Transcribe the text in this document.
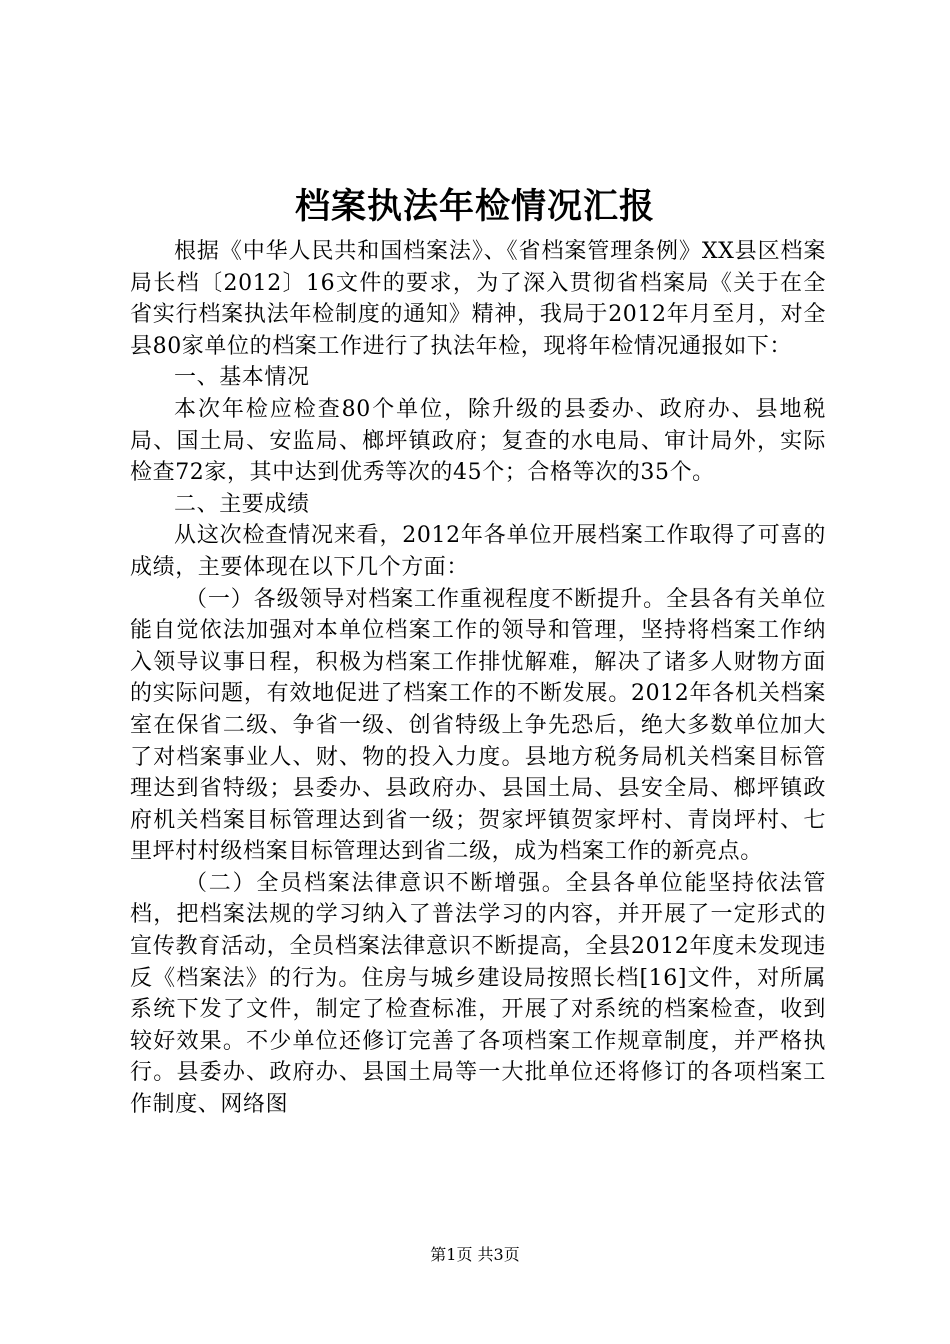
档案执法年检情况汇报

根据《中华人民共和国档案法》、《省档案管理条例》XX县区档案局长档〔2012〕16文件的要求，为了深入贯彻省档案局《关于在全省实行档案执法年检制度的通知》精神，我局于2012年月至月，对全县80家单位的档案工作进行了执法年检，现将年检情况通报如下：

一、基本情况

本次年检应检查80个单位，除升级的县委办、政府办、县地税局、国土局、安监局、榔坪镇政府；复查的水电局、审计局外，实际检查72家，其中达到优秀等次的45个；合格等次的35个。

二、主要成绩

从这次检查情况来看，2012年各单位开展档案工作取得了可喜的成绩，主要体现在以下几个方面：

（一）各级领导对档案工作重视程度不断提升。全县各有关单位能自觉依法加强对本单位档案工作的领导和管理，坚持将档案工作纳入领导议事日程，积极为档案工作排忧解难，解决了诸多人财物方面的实际问题，有效地促进了档案工作的不断发展。2012年各机关档案室在保省二级、争省一级、创省特级上争先恐后，绝大多数单位加大了对档案事业人、财、物的投入力度。县地方税务局机关档案目标管理达到省特级；县委办、县政府办、县国土局、县安全局、榔坪镇政府机关档案目标管理达到省一级；贺家坪镇贺家坪村、青岗坪村、七里坪村村级档案目标管理达到省二级，成为档案工作的新亮点。

（二）全员档案法律意识不断增强。全县各单位能坚持依法管档，把档案法规的学习纳入了普法学习的内容，并开展了一定形式的宣传教育活动，全员档案法律意识不断提高，全县2012年度未发现违反《档案法》的行为。住房与城乡建设局按照长档[16]文件，对所属系统下发了文件，制定了检查标准，开展了对系统的档案检查，收到较好效果。不少单位还修订完善了各项档案工作规章制度，并严格执行。县委办、政府办、县国土局等一大批单位还将修订的各项档案工作制度、网络图

第1页 共3页
